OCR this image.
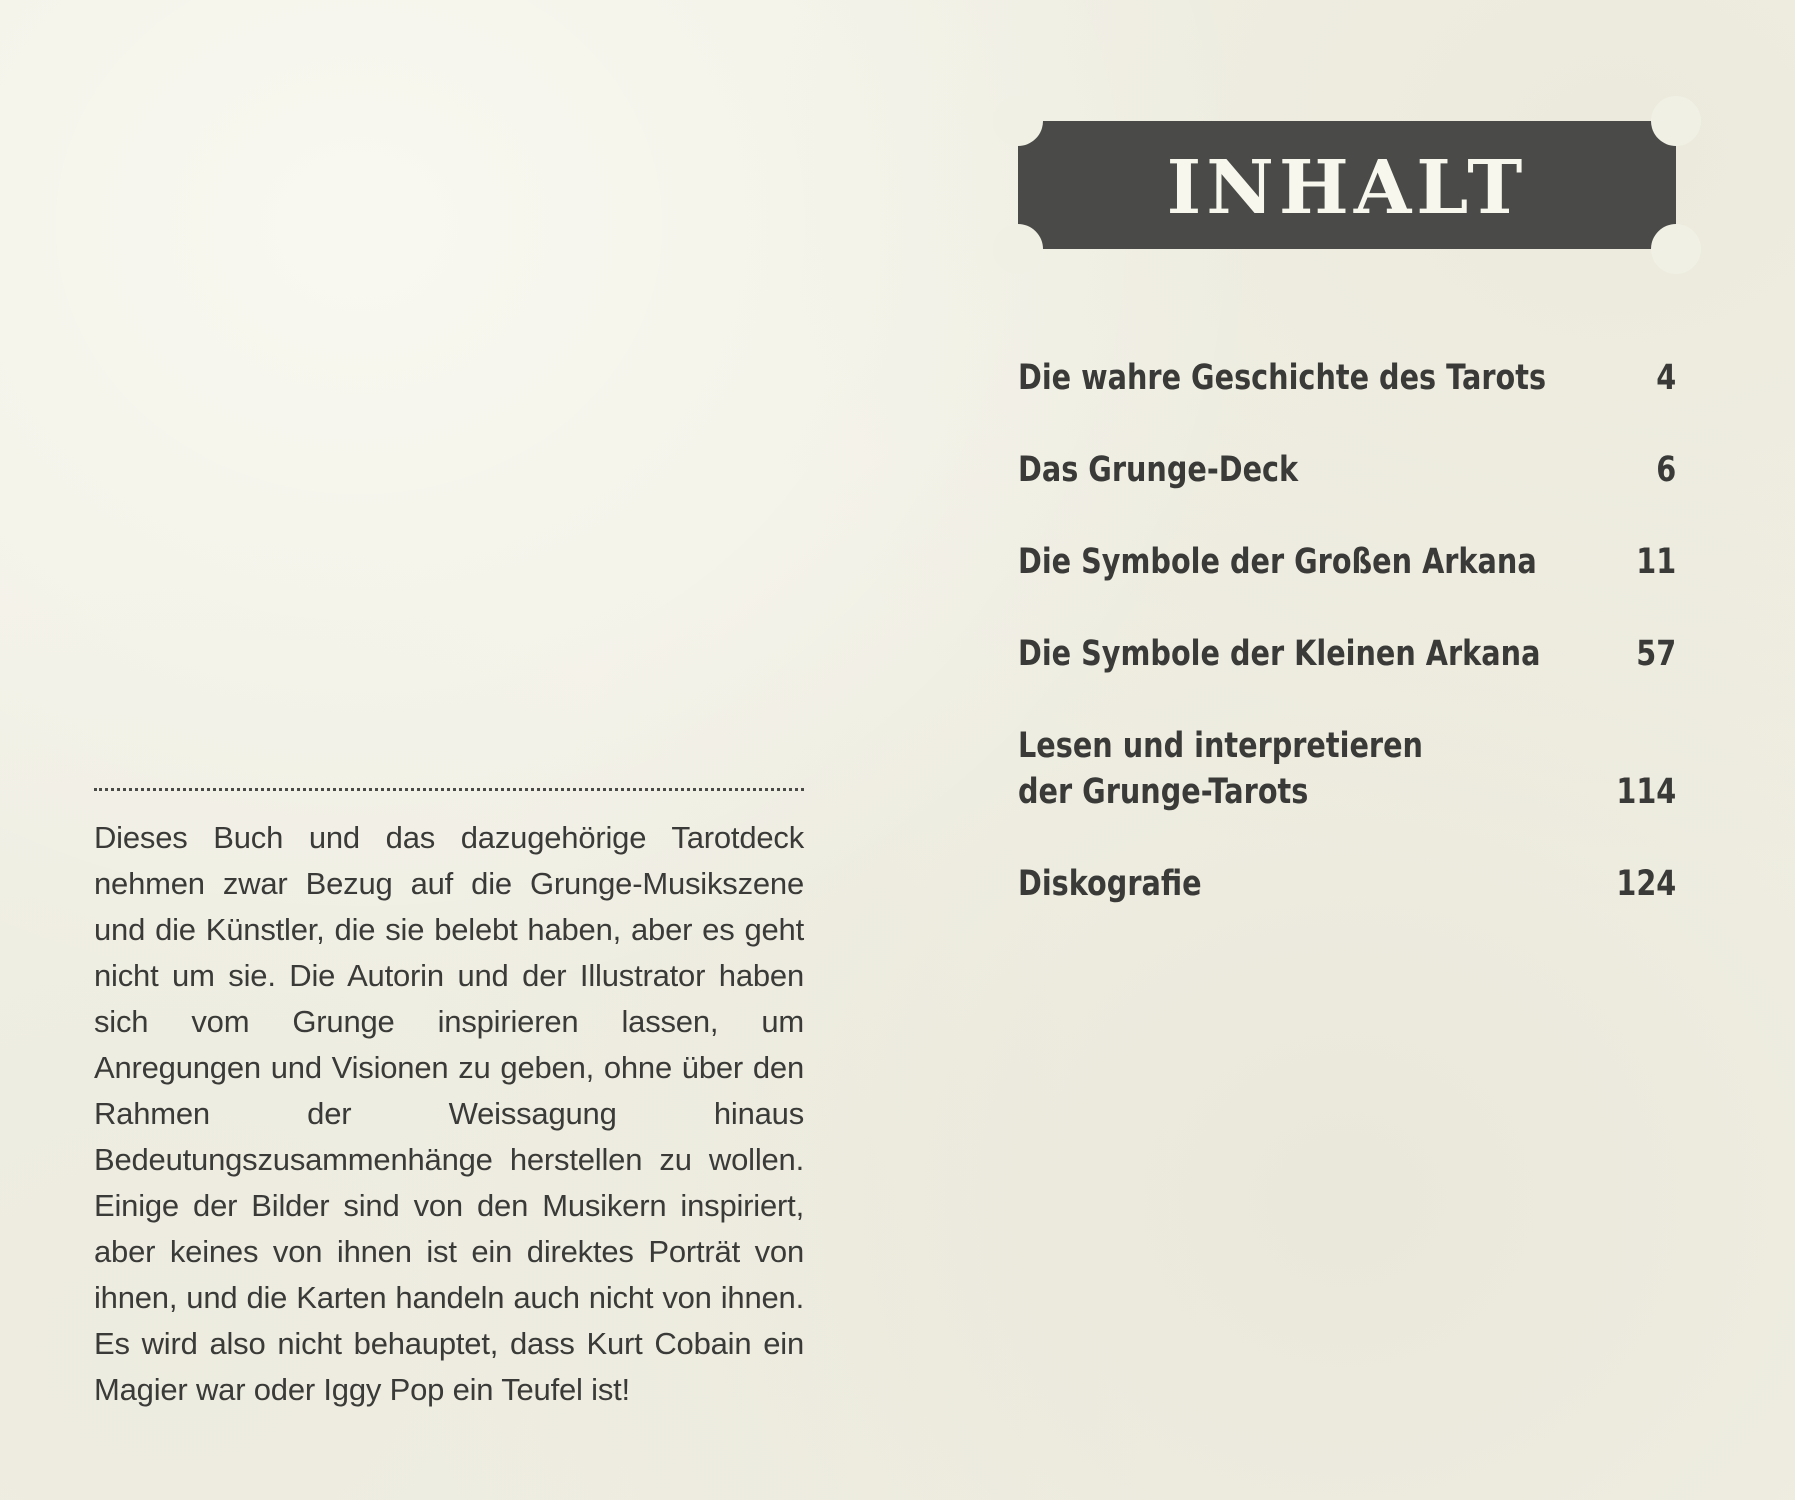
Dieses Buch und das dazugehörige Tarotdeck nehmen zwar Bezug auf die Grunge-Musikszene und die Künstler, die sie belebt haben, aber es geht nicht um sie. Die Autorin und der Illustrator haben sich vom Grunge inspirieren lassen, um Anregungen und Visionen zu geben, ohne über den Rahmen der Weissagung hinaus Bedeutungszusammenhänge herstellen zu wollen. Einige der Bilder sind von den Musikern inspiriert, aber keines von ihnen ist ein direktes Porträt von ihnen, und die Karten handeln auch nicht von ihnen. Es wird also nicht behauptet, dass Kurt Cobain ein Magier war oder Iggy Pop ein Teufel ist!

INHALT
Die wahre Geschichte des Tarots	4
Das Grunge-Deck	6
Die Symbole der Großen Arkana	11
Die Symbole der Kleinen Arkana	57
Lesen und interpretieren
der Grunge-Tarots	114
Diskografie	124
